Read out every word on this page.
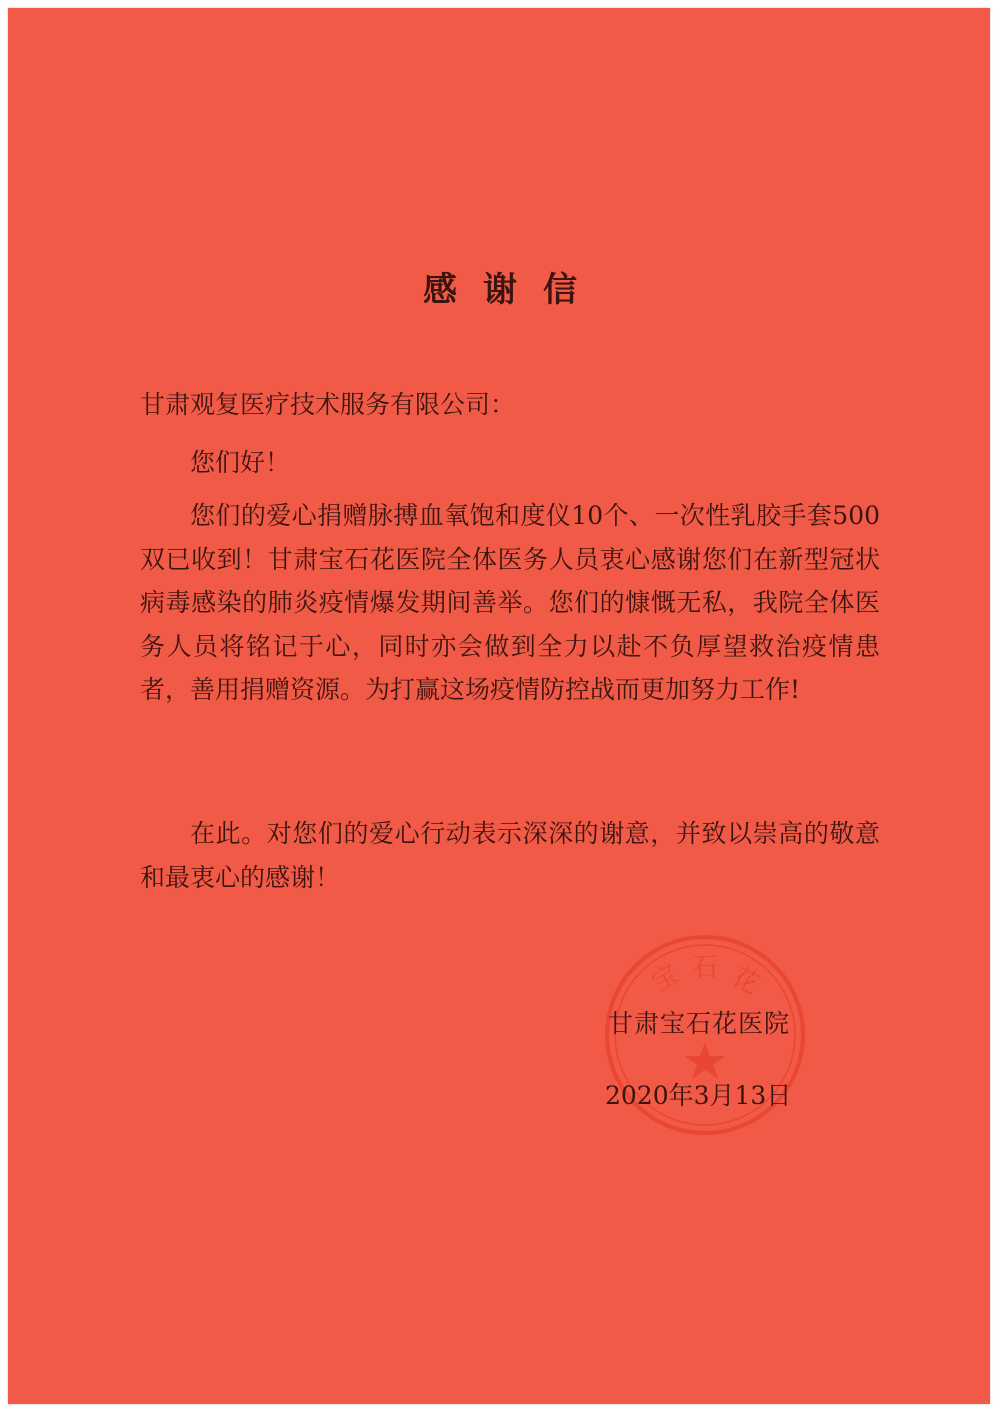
宝 石 花
感谢信

甘肃观复医疗技术服务有限公司：

您们好！

您们的爱心捐赠脉搏血氧饱和度仪10个、一次性乳胶手套500双已收到！甘肃宝石花医院全体医务人员衷心感谢您们在新型冠状病毒感染的肺炎疫情爆发期间善举。您们的慷慨无私，我院全体医务人员将铭记于心，同时亦会做到全力以赴不负厚望救治疫情患者，善用捐赠资源。为打赢这场疫情防控战而更加努力工作!

在此。对您们的爱心行动表示深深的谢意，并致以崇高的敬意和最衷心的感谢！

甘肃宝石花医院
2020年3月13日
